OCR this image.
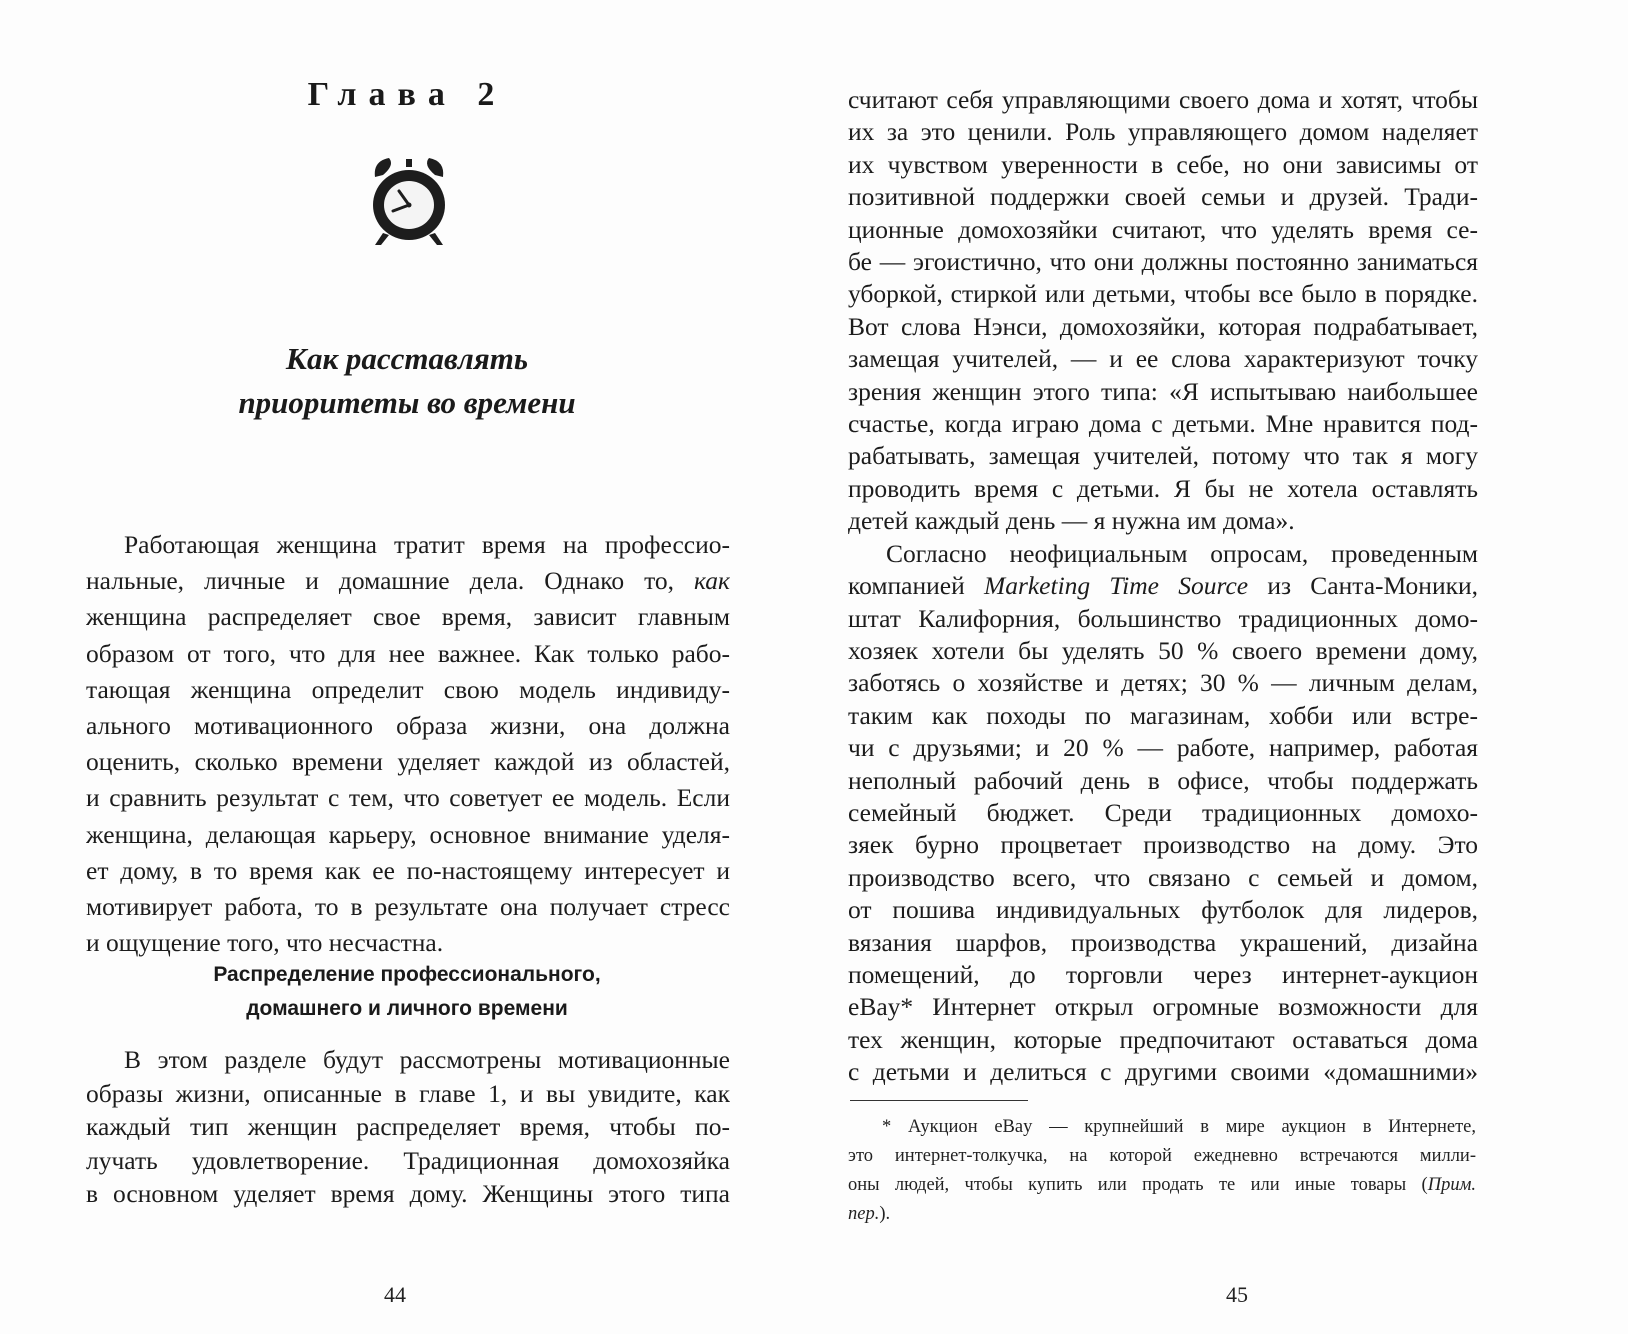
Глава 2
Как расставлять
приоритеты во времени
Работающая женщина тратит время на профессио-
нальные, личные и домашние дела. Однако то, как
женщина распределяет свое время, зависит главным
образом от того, что для нее важнее. Как только рабо-
тающая женщина определит свою модель индивиду-
ального мотивационного образа жизни, она должна
оценить, сколько времени уделяет каждой из областей,
и сравнить результат с тем, что советует ее модель. Если
женщина, делающая карьеру, основное внимание уделя-
ет дому, в то время как ее по-настоящему интересует и
мотивирует работа, то в результате она получает стресс
и ощущение того, что несчастна.
Распределение профессионального,
домашнего и личного времени
В этом разделе будут рассмотрены мотивационные
образы жизни, описанные в главе 1, и вы увидите, как
каждый тип женщин распределяет время, чтобы по-
лучать удовлетворение. Традиционная домохозяйка
в основном уделяет время дому. Женщины этого типа
44
считают себя управляющими своего дома и хотят, чтобы
их за это ценили. Роль управляющего домом наделяет
их чувством уверенности в себе, но они зависимы от
позитивной поддержки своей семьи и друзей. Тради-
ционные домохозяйки считают, что уделять время се-
бе — эгоистично, что они должны постоянно заниматься
уборкой, стиркой или детьми, чтобы все было в порядке.
Вот слова Нэнси, домохозяйки, которая подрабатывает,
замещая учителей, — и ее слова характеризуют точку
зрения женщин этого типа: «Я испытываю наибольшее
счастье, когда играю дома с детьми. Мне нравится под-
рабатывать, замещая учителей, потому что так я могу
проводить время с детьми. Я бы не хотела оставлять
детей каждый день — я нужна им дома».
Согласно неофициальным опросам, проведенным
компанией Marketing Time Source из Санта-Моники,
штат Калифорния, большинство традиционных домо-
хозяек хотели бы уделять 50 % своего времени дому,
заботясь о хозяйстве и детях; 30 % — личным делам,
таким как походы по магазинам, хобби или встре-
чи с друзьями; и 20 % — работе, например, работая
неполный рабочий день в офисе, чтобы поддержать
семейный бюджет. Среди традиционных домохо-
зяек бурно процветает производство на дому. Это
производство всего, что связано с семьей и домом,
от пошива индивидуальных футболок для лидеров,
вязания шарфов, производства украшений, дизайна
помещений, до торговли через интернет-аукцион
eBay* Интернет открыл огромные возможности для
тех женщин, которые предпочитают оставаться дома
с детьми и делиться с другими своими «домашними»
* Аукцион eBay — крупнейший в мире аукцион в Интернете,
это интернет-толкучка, на которой ежедневно встречаются милли-
оны людей, чтобы купить или продать те или иные товары (Прим.
пер.).
45
